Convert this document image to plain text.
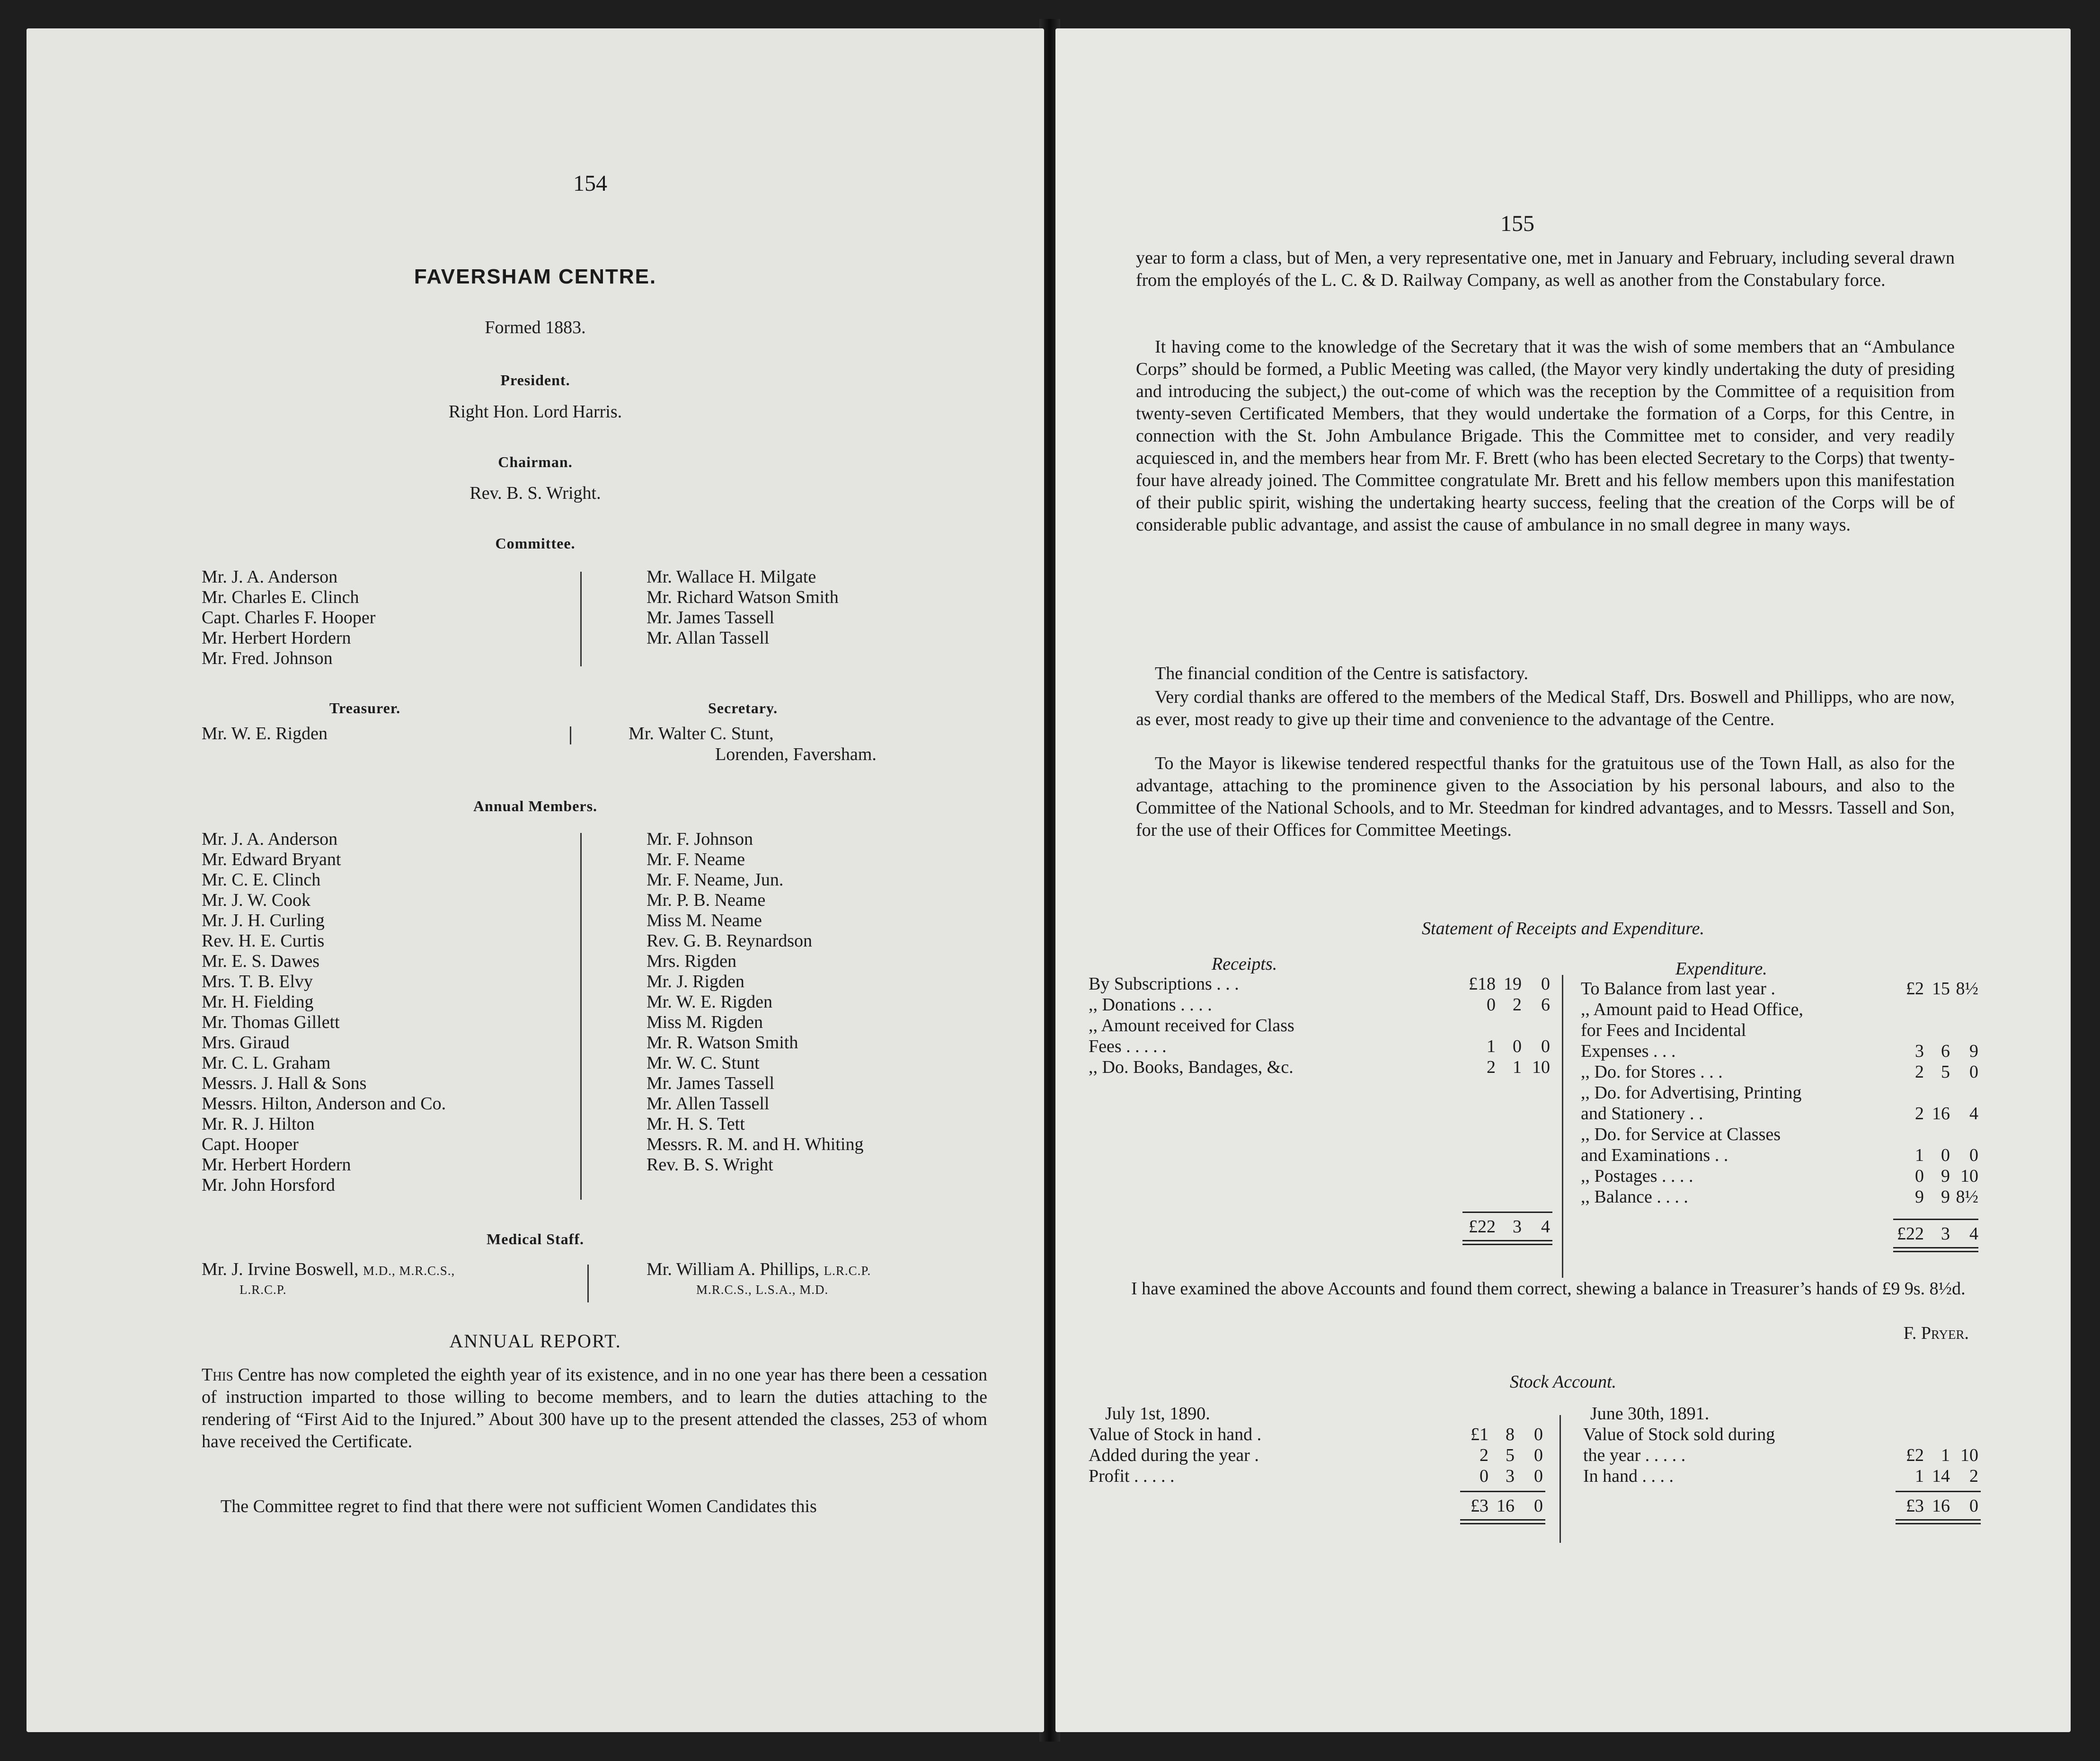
154
FAVERSHAM CENTRE.
Formed 1883.
President.
Right Hon. Lord Harris.
Chairman.
Rev. B. S. Wright.
Committee.
Mr. J. A. Anderson
Mr. Charles E. Clinch
Capt. Charles F. Hooper
Mr. Herbert Hordern
Mr. Fred. Johnson
Mr. Wallace H. Milgate
Mr. Richard Watson Smith
Mr. James Tassell
Mr. Allan Tassell
Treasurer.
Mr. W. E. Rigden
Secretary.
Mr. Walter C. Stunt,
Lorenden, Faversham.
Annual Members.
Mr. J. A. Anderson
Mr. Edward Bryant
Mr. C. E. Clinch
Mr. J. W. Cook
Mr. J. H. Curling
Rev. H. E. Curtis
Mr. E. S. Dawes
Mrs. T. B. Elvy
Mr. H. Fielding
Mr. Thomas Gillett
Mrs. Giraud
Mr. C. L. Graham
Messrs. J. Hall & Sons
Messrs. Hilton, Anderson and Co.
Mr. R. J. Hilton
Capt. Hooper
Mr. Herbert Hordern
Mr. John Horsford
Mr. F. Johnson
Mr. F. Neame
Mr. F. Neame, Jun.
Mr. P. B. Neame
Miss M. Neame
Rev. G. B. Reynardson
Mrs. Rigden
Mr. J. Rigden
Mr. W. E. Rigden
Miss M. Rigden
Mr. R. Watson Smith
Mr. W. C. Stunt
Mr. James Tassell
Mr. Allen Tassell
Mr. H. S. Tett
Messrs. R. M. and H. Whiting
Rev. B. S. Wright
Medical Staff.
Mr. J. Irvine Boswell, M.D., M.R.C.S.,
L.R.C.P.
Mr. William A. Phillips, L.R.C.P.
M.R.C.S., L.S.A., M.D.
ANNUAL REPORT.

This Centre has now completed the eighth year of its existence, and in no one year has there been a cessation of instruction imparted to those willing to become members, and to learn the duties attaching to the rendering of “First Aid to the Injured.” About 300 have up to the present attended the classes, 253 of whom have received the Certificate.

The Committee regret to find that there were not sufficient Women Candidates this

155

year to form a class, but of Men, a very representative one, met in January and February, including several drawn from the employés of the L. C. & D. Railway Company, as well as another from the Constabulary force.

It having come to the knowledge of the Secretary that it was the wish of some members that an “Ambulance Corps” should be formed, a Public Meeting was called, (the Mayor very kindly undertaking the duty of presiding and introducing the subject,) the out-come of which was the reception by the Committee of a requisition from twenty-seven Certificated Members, that they would undertake the formation of a Corps, for this Centre, in connection with the St. John Ambulance Brigade. This the Committee met to consider, and very readily acquiesced in, and the members hear from Mr. F. Brett (who has been elected Secretary to the Corps) that twenty-four have already joined. The Committee congratulate Mr. Brett and his fellow members upon this manifestation of their public spirit, wishing the undertaking hearty success, feeling that the creation of the Corps will be of considerable public advantage, and assist the cause of ambulance in no small degree in many ways.

The financial condition of the Centre is satisfactory.

Very cordial thanks are offered to the members of the Medical Staff, Drs. Boswell and Phillipps, who are now, as ever, most ready to give up their time and convenience to the advantage of the Centre.

To the Mayor is likewise tendered respectful thanks for the gratuitous use of the Town Hall, as also for the advantage, attaching to the prominence given to the Association by his personal labours, and also to the Committee of the National Schools, and to Mr. Steedman for kindred advantages, and to Messrs. Tassell and Son, for the use of their Offices for Committee Meetings.

Statement of Receipts and Expenditure.
Receipts.
By Subscriptions . . .	£18 19	0
,, Donations . . . .	0 2	6
,, Amount received for Class
Fees . . . . .	1 0	0
,, Do. Books, Bandages, &c.	2 1 10
£22 3	4
Expenditure.
To Balance from last year .	£2 15 8½
,, Amount paid to Head Office,
for Fees and Incidental
Expenses . . .	3 6	9
,, Do. for Stores . . .	2 5	0
,, Do. for Advertising, Printing
and Stationery . .	2 16	4
,, Do. for Service at Classes
and Examinations . .	1 0	0
,, Postages . . . .	0 9 10
,, Balance . . . .	9 9 8½
£22 3	4

I have examined the above Accounts and found them correct, shewing a balance in Treasurer’s hands of £9 9s. 8½d.

F. Pryer.
Stock Account.
July 1st, 1890.
Value of Stock in hand .	£1 8	0
Added during the year .	2 5	0
Profit . . . . .	0 3	0
£3 16	0
June 30th, 1891.
Value of Stock sold during
the year . . . . .	£2 1 10
In hand . . . .	1 14	2
£3 16	0
